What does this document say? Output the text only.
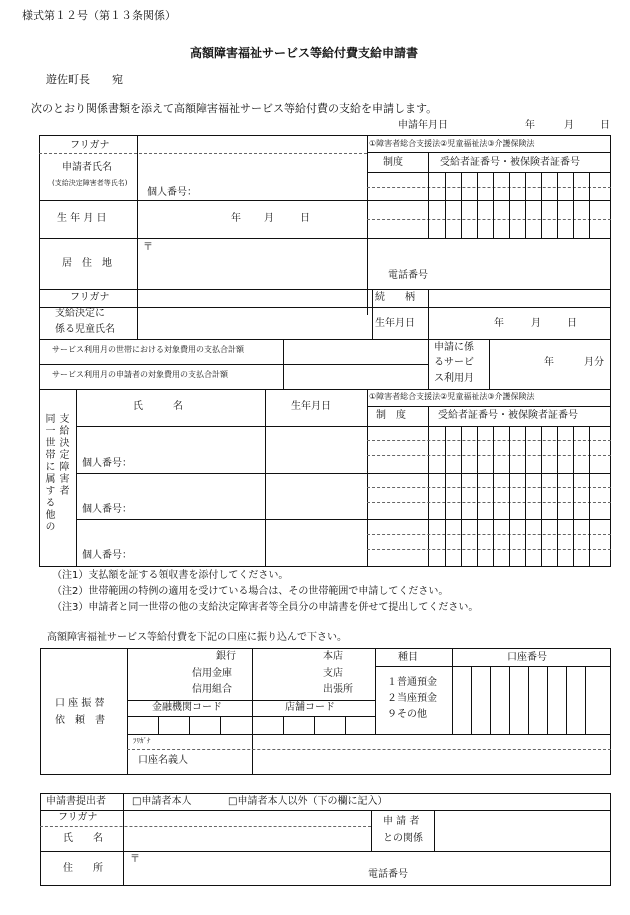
様式第１２号（第１３条関係）
高額障害福祉サービス等給付費支給申請書
遊佐町長　　宛
次のとおり関係書類を添えて高額障害福祉サービス等給付費の支給を申請します。
申請年月日	年	月	日
フリガナ
申請者氏名
(支給決定障害者等氏名)
個人番号：
①障害者総合支援法②児童福祉法③介護保険法
制度	受給者証番号・被保険者証番号
生 年 月 日	年 月	日
居　住　地
〒
電話番号
フリガナ	続　　柄
支給決定に
係る児童氏名
生年月日	年	月	日
サービス利用月の世帯における対象費用の支払合計額
サービス利用月の申請者の対象費用の支払合計額
申請に係
るサービ
ス利用月
年	月分
同一世帯に属する他の 支給決定障害者
氏　　　名	生年月日
①障害者総合支援法②児童福祉法③介護保険法
制　度	受給者証番号・被保険者証番号
個人番号：
個人番号：
個人番号：
（注1）支払額を証する領収書を添付してください。
（注2）世帯範囲の特例の適用を受けている場合は、その世帯範囲で申請してください。
（注3）申請者と同一世帯の他の支給決定障害者等全員分の申請書を併せて提出してください。
高額障害福祉サービス等給付費を下記の口座に振り込んで下さい。
口 座 振 替
依　頼　書
銀行
信用金庫
信用組合
本店
支店
出張所
金融機関コード	店舗コード
種目	口座番号
１普通預金
２当座預金
９その他
ﾌﾘｶﾞﾅ
口座名義人
申請書提出者	□申請者本人	□申請者本人以外（下の欄に記入）
フリガナ
氏　　名
申 請 者
との関係
住　　所
〒
電話番号
